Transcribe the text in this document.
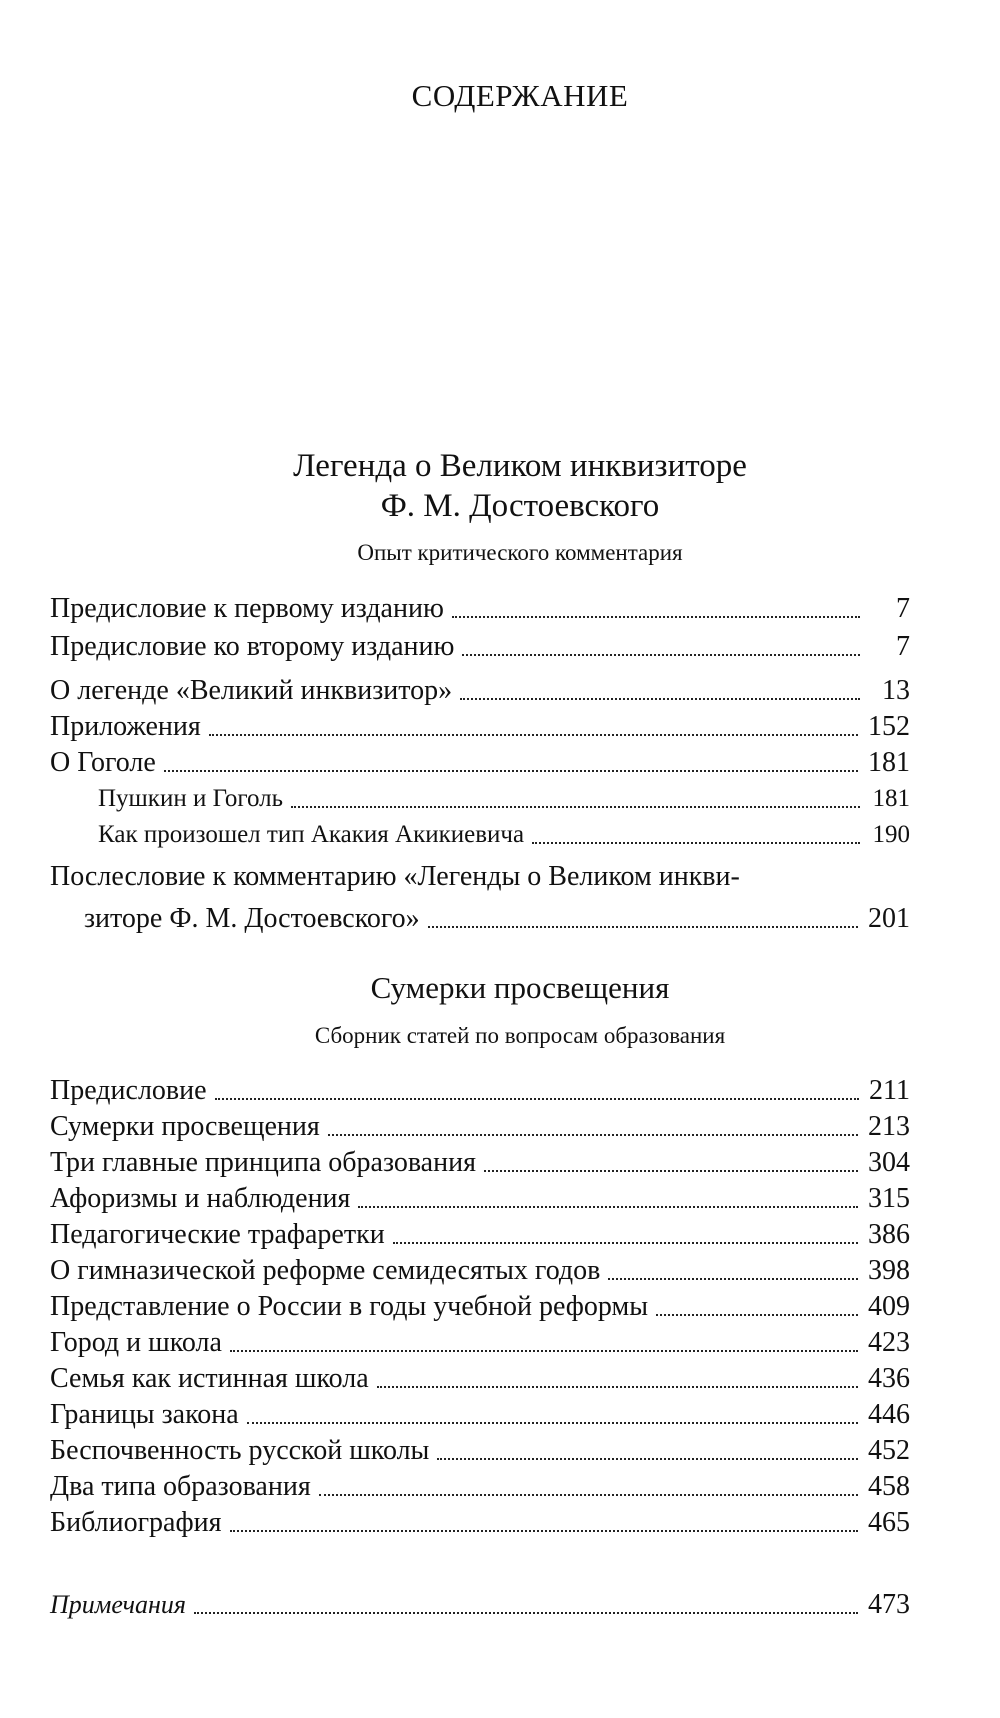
СОДЕРЖАНИЕ
Легенда о Великом инквизиторе
Ф. М. Достоевского
Опыт критического комментария
Предисловие к первому изданию	7
Предисловие ко второму изданию	7
О легенде «Великий инквизитор»	13
Приложения	152
О Гоголе	181
Пушкин и Гоголь	181
Как произошел тип Акакия Акикиевича	190
Послесловие к комментарию «Легенды о Великом инкви-
зиторе Ф. М. Достоевского»	201
Сумерки просвещения
Сборник статей по вопросам образования
Предисловие	211
Сумерки просвещения	213
Три главные принципа образования	304
Афоризмы и наблюдения	315
Педагогические трафаретки	386
О гимназической реформе семидесятых годов	398
Представление о России в годы учебной реформы	409
Город и школа	423
Семья как истинная школа	436
Границы закона	446
Беспочвенность русской школы	452
Два типа образования	458
Библиография	465
Примечания	473
